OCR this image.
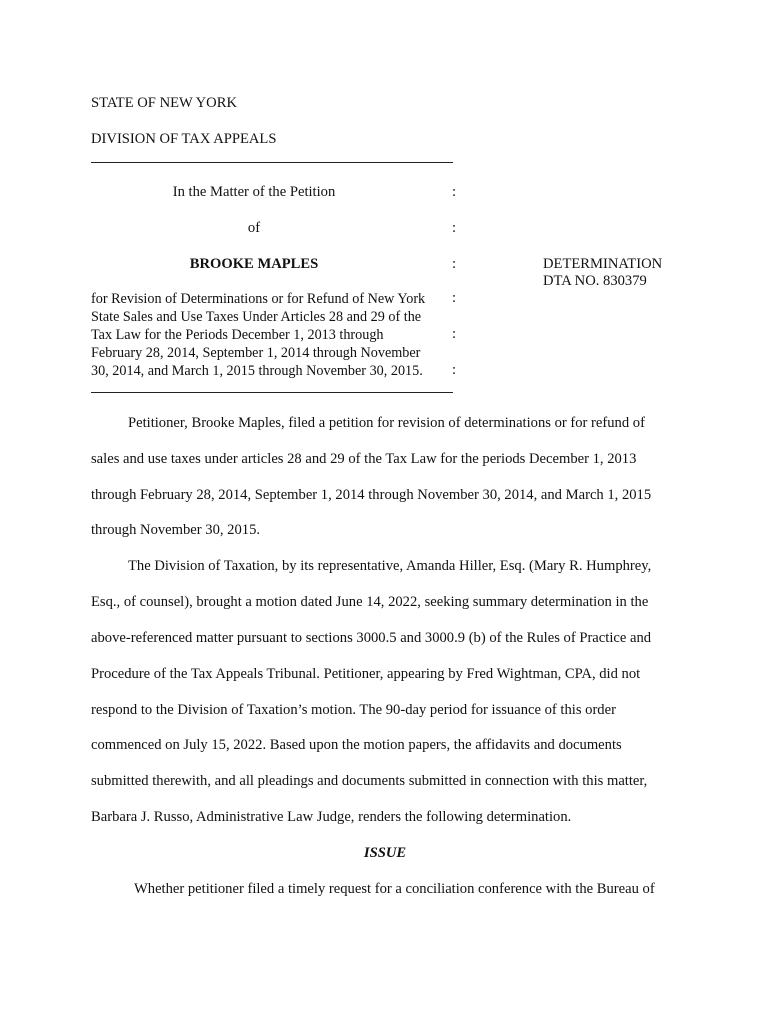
STATE OF NEW YORK
DIVISION OF TAX APPEALS
In the Matter of the Petition	:
of	:
BROOKE MAPLES	:	DETERMINATION
DTA NO. 830379
for Revision of Determinations or for Refund of New York
State Sales and Use Taxes Under Articles 28 and 29 of the
Tax Law for the Periods December 1, 2013 through
February 28, 2014, September 1, 2014 through November
30, 2014, and March 1, 2015 through November 30, 2015.
:
:
:
Petitioner, Brooke Maples, filed a petition for revision of determinations or for refund of
sales and use taxes under articles 28 and 29 of the Tax Law for the periods December 1, 2013
through February 28, 2014, September 1, 2014 through November 30, 2014, and March 1, 2015
through November 30, 2015.
The Division of Taxation, by its representative, Amanda Hiller, Esq. (Mary R. Humphrey,
Esq., of counsel), brought a motion dated June 14, 2022, seeking summary determination in the
above-referenced matter pursuant to sections 3000.5 and 3000.9 (b) of the Rules of Practice and
Procedure of the Tax Appeals Tribunal. Petitioner, appearing by Fred Wightman, CPA, did not
respond to the Division of Taxation’s motion. The 90-day period for issuance of this order
commenced on July 15, 2022. Based upon the motion papers, the affidavits and documents
submitted therewith, and all pleadings and documents submitted in connection with this matter,
Barbara J. Russo, Administrative Law Judge, renders the following determination.
ISSUE
Whether petitioner filed a timely request for a conciliation conference with the Bureau of
